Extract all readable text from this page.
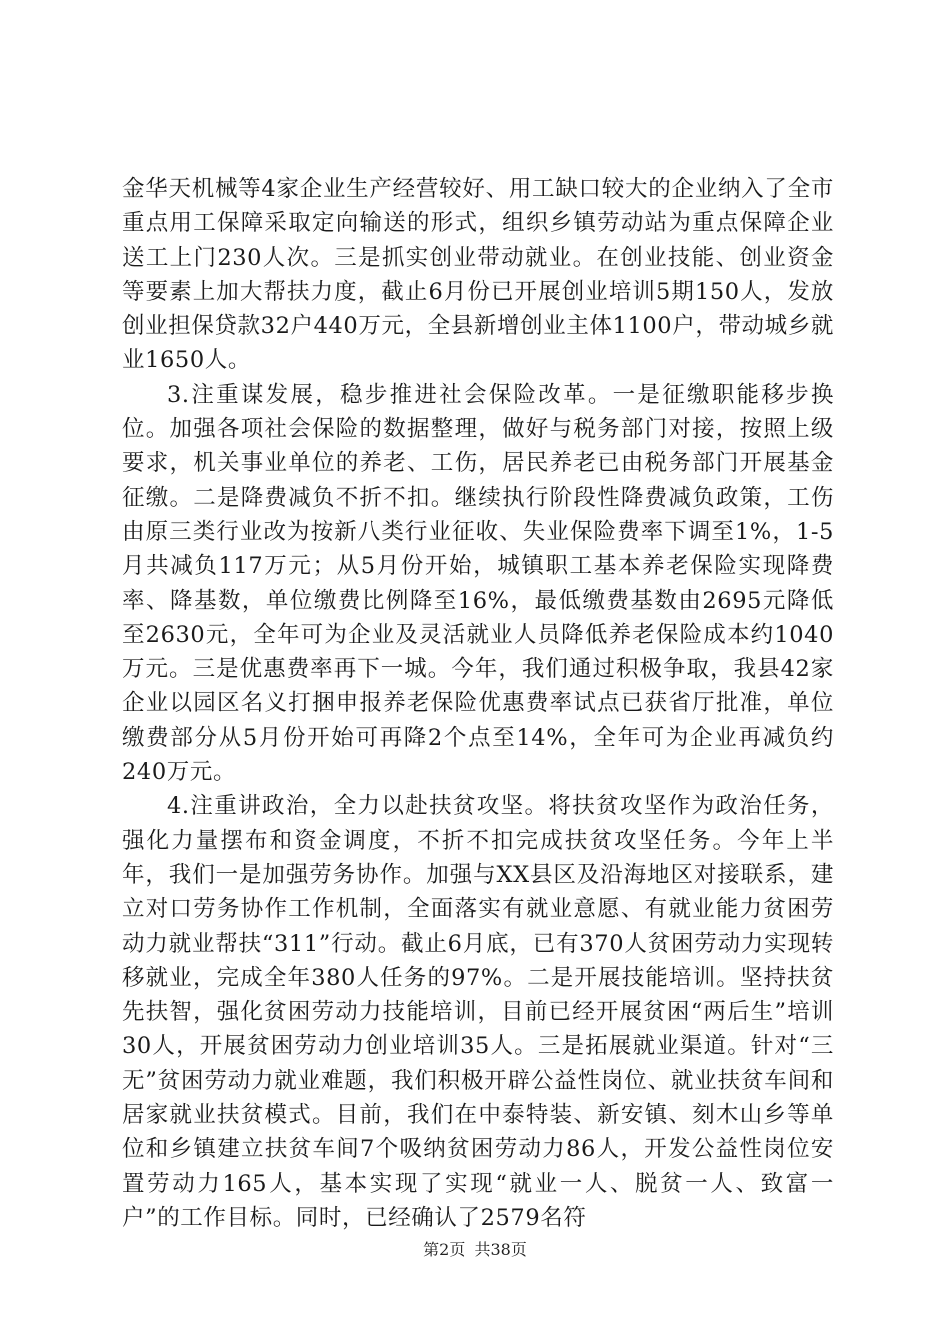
金华天机械等4家企业生产经营较好、用工缺口较大的企业纳入了全市重点用工保障采取定向输送的形式，组织乡镇劳动站为重点保障企业送工上门230人次。三是抓实创业带动就业。在创业技能、创业资金等要素上加大帮扶力度，截止6月份已开展创业培训5期150人，发放创业担保贷款32户440万元，全县新增创业主体1100户，带动城乡就业1650人。

3.注重谋发展，稳步推进社会保险改革。一是征缴职能移步换位。加强各项社会保险的数据整理，做好与税务部门对接，按照上级要求，机关事业单位的养老、工伤，居民养老已由税务部门开展基金征缴。二是降费减负不折不扣。继续执行阶段性降费减负政策，工伤由原三类行业改为按新八类行业征收、失业保险费率下调至1%，1-5月共减负117万元；从5月份开始，城镇职工基本养老保险实现降费率、降基数，单位缴费比例降至16%，最低缴费基数由2695元降低至2630元，全年可为企业及灵活就业人员降低养老保险成本约1040万元。三是优惠费率再下一城。今年，我们通过积极争取，我县42家企业以园区名义打捆申报养老保险优惠费率试点已获省厅批准，单位缴费部分从5月份开始可再降2个点至14%，全年可为企业再减负约240万元。

4.注重讲政治，全力以赴扶贫攻坚。将扶贫攻坚作为政治任务，强化力量摆布和资金调度，不折不扣完成扶贫攻坚任务。今年上半年，我们一是加强劳务协作。加强与XX县区及沿海地区对接联系，建立对口劳务协作工作机制，全面落实有就业意愿、有就业能力贫困劳动力就业帮扶“311”行动。截止6月底，已有370人贫困劳动力实现转移就业，完成全年380人任务的97%。二是开展技能培训。坚持扶贫先扶智，强化贫困劳动力技能培训，目前已经开展贫困“两后生”培训30人，开展贫困劳动力创业培训35人。三是拓展就业渠道。针对“三无”贫困劳动力就业难题，我们积极开辟公益性岗位、就业扶贫车间和居家就业扶贫模式。目前，我们在中泰特装、新安镇、刻木山乡等单位和乡镇建立扶贫车间7个吸纳贫困劳动力86人，开发公益性岗位安置劳动力165人，基本实现了实现“就业一人、脱贫一人、致富一户”的工作目标。同时，已经确认了2579名符

第2页 共38页
